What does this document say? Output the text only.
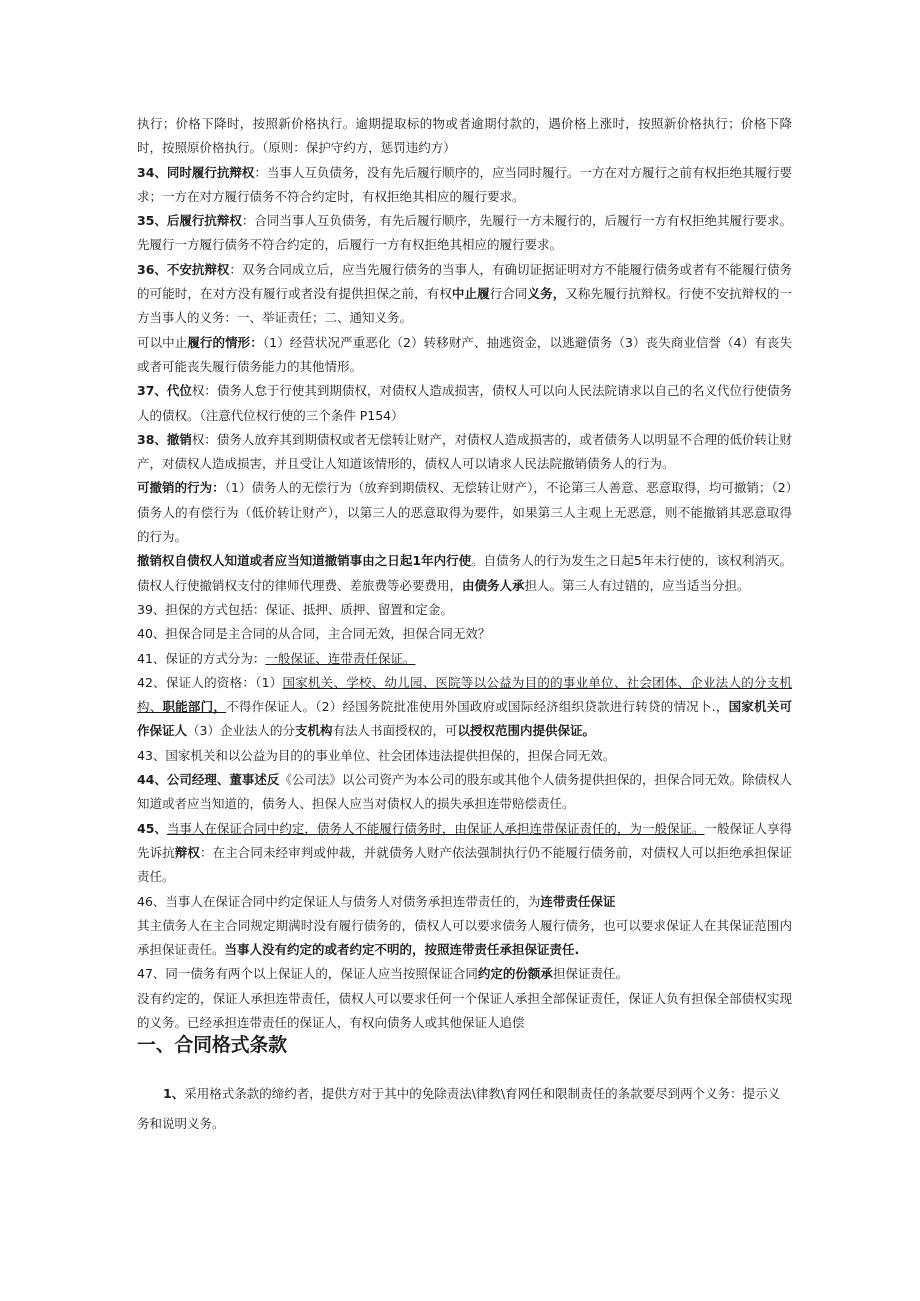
执行；价格下降时，按照新价格执行。逾期提取标的物或者逾期付款的，遇价格上涨时，按照新价格执行；价格下降时，按照原价格执行。（原则：保护守约方，惩罚违约方）

34、同时履行抗辩权：当事人互负债务，没有先后履行顺序的，应当同时履行。一方在对方履行之前有权拒绝其履行要求；一方在对方履行债务不符合约定时，有权拒绝其相应的履行要求。

35、后履行抗辩权：合同当事人互负债务，有先后履行顺序，先履行一方未履行的，后履行一方有权拒绝其履行要求。先履行一方履行债务不符合约定的，后履行一方有权拒绝其相应的履行要求。

36、不安抗辩权：双务合同成立后，应当先履行债务的当事人，有确切证据证明对方不能履行债务或者有不能履行债务的可能时，在对方没有履行或者没有提供担保之前，有权中止履行合同义务，又称先履行抗辩权。行使不安抗辩权的一方当事人的义务：一、举证责任；二、通知义务。

可以中止履行的情形：（1）经营状况严重恶化（2）转移财产、抽逃资金，以逃避债务（3）丧失商业信誉（4）有丧失或者可能丧失履行债务能力的其他情形。

37、代位权：债务人怠于行使其到期债权，对债权人造成损害，债权人可以向人民法院请求以自己的名义代位行使债务人的债权。（注意代位权行使的三个条件 P154）

38、撤销权：债务人放弃其到期债权或者无偿转让财产，对债权人造成损害的，或者债务人以明显不合理的低价转让财产，对债权人造成损害，并且受让人知道该情形的，债权人可以请求人民法院撤销债务人的行为。

可撤销的行为：（1）债务人的无偿行为（放弃到期债权、无偿转让财产），不论第三人善意、恶意取得，均可撤销；（2）债务人的有偿行为（低价转让财产），以第三人的恶意取得为要件，如果第三人主观上无恶意，则不能撤销其恶意取得的行为。

撤销权自债权人知道或者应当知道撤销事由之日起1年内行使。自债务人的行为发生之日起5年未行使的，该权利消灭。债权人行使撤销权支付的律师代理费、差旅费等必要费用，由债务人承担人。第三人有过错的，应当适当分担。

39、担保的方式包括：保证、抵押、质押、留置和定金。

40、担保合同是主合同的从合同，主合同无效，担保合同无效？

41、保证的方式分为：一般保证、连带责任保证。

42、保证人的资格：（1）国家机关、学校、幼儿园、医院等以公益为目的的事业单位、社会团体、企业法人的分支机构、职能部门，不得作保证人。（2）经国务院批准使用外国政府或国际经济组织贷款进行转贷的情况卜.，国家机关可作保证人（3）企业法人的分支机构有法人书面授权的，可以授权范围内提供保证。

43、国家机关和以公益为目的的事业单位、社会团体违法提供担保的，担保合同无效。

44、公司经理、董事述反《公司法》以公司资产为本公司的股东或其他个人债务提供担保的，担保合同无效。除债权人知道或者应当知道的，债务人、担保人应当对债权人的损失承担连带赔偿责任。

45、当事人在保证合同中约定，债务人不能履行债务时，由保证人承担连带保证责任的，为一般保证。一般保证人享得先诉抗辩权：在主合同未经审判或仲裁，并就债务人财产依法强制执行仍不能履行债务前，对债权人可以拒绝承担保证责任。

46、当事人在保证合同中约定保证人与债务人对债务承担连带责任的，为连带责任保证

其主债务人在主合同规定期满时没有履行债务的，债权人可以要求债务人履行债务，也可以要求保证人在其保证范围内承担保证责任。当事人没有约定的或者约定不明的，按照连带责任承担保证责任.

47、同一债务有两个以上保证人的，保证人应当按照保证合同约定的份额承担保证责任。

没有约定的，保证人承担连带责任，债权人可以要求任何一个保证人承担全部保证责任，保证人负有担保全部债权实现的义务。已经承担连带责任的保证人，有权向债务人或其他保证人追偿

一、合同格式条款

1、采用格式条款的缔约者，提供方对于其中的免除责法\律教\育网任和限制责任的条款要尽到两个义务：提示义务和说明义务。
